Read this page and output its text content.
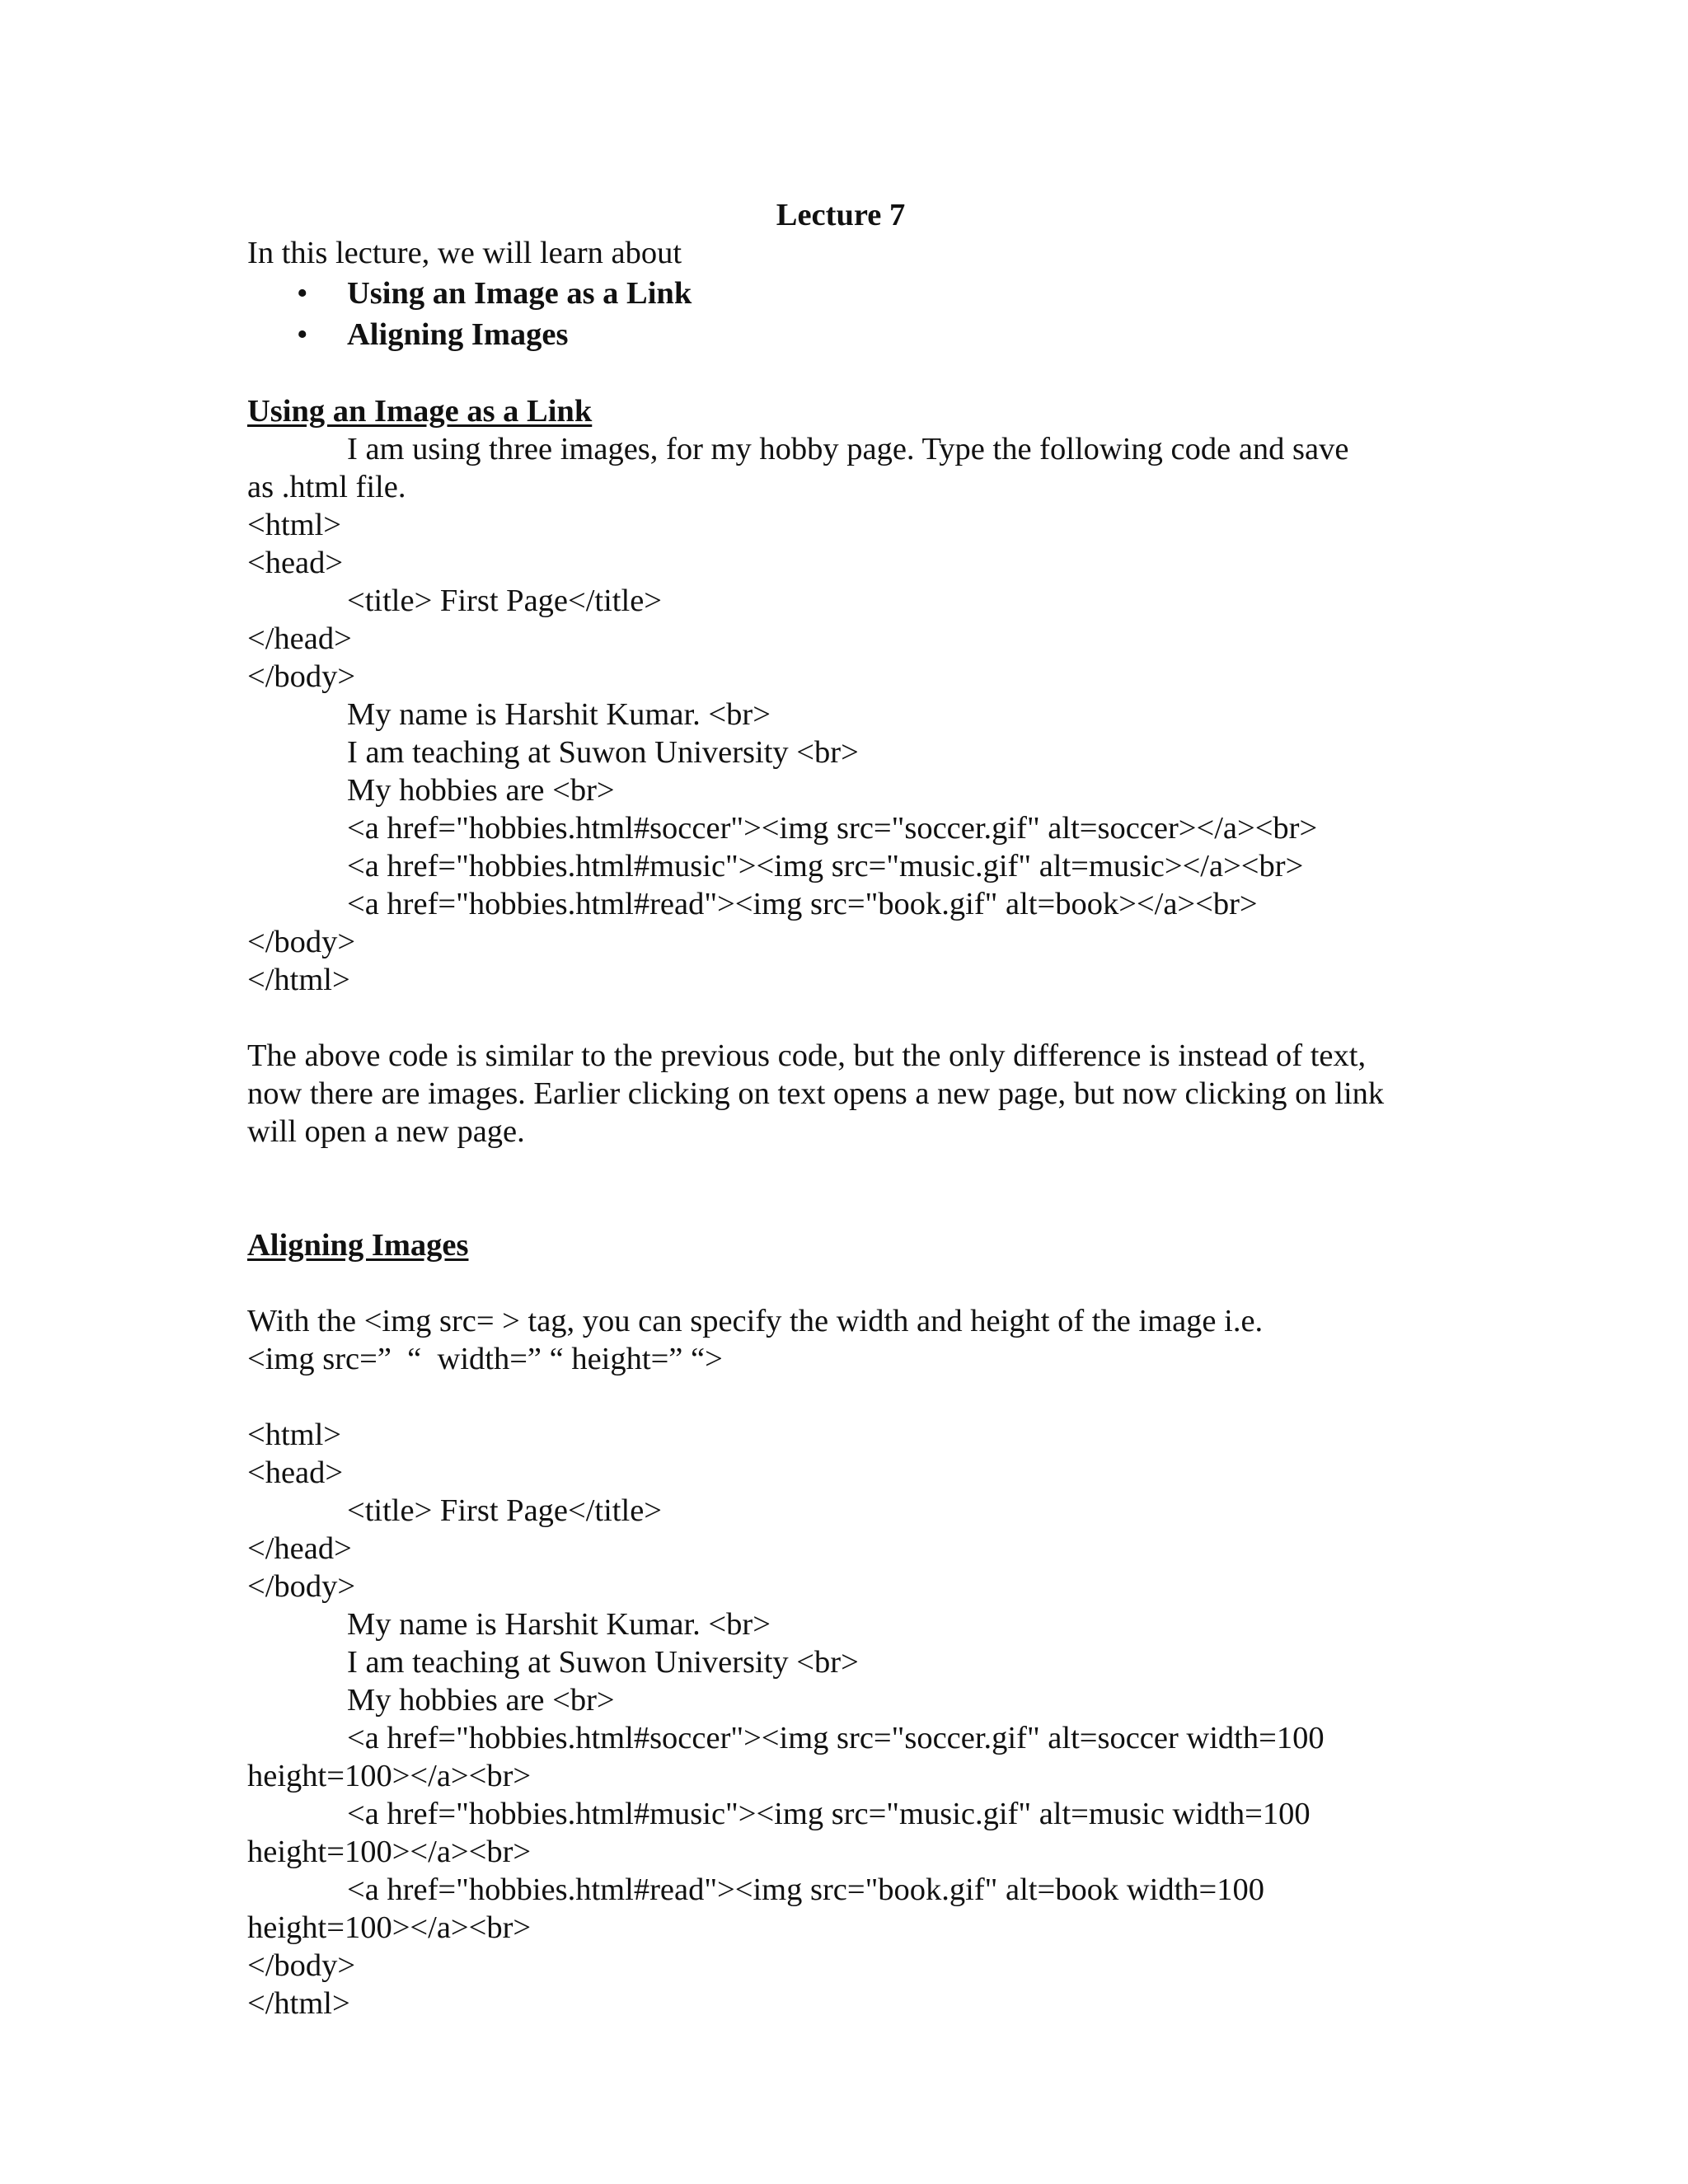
Lecture 7
In this lecture, we will learn about
• Using an Image as a Link
• Aligning Images
Using an Image as a Link
I am using three images, for my hobby page. Type the following code and save
as .html file.
<html>
<head>
<title> First Page</title>
</head>
</body>
My name is Harshit Kumar. <br>
I am teaching at Suwon University <br>
My hobbies are <br>
<a href="hobbies.html#soccer"><img src="soccer.gif" alt=soccer></a><br>
<a href="hobbies.html#music"><img src="music.gif" alt=music></a><br>
<a href="hobbies.html#read"><img src="book.gif" alt=book></a><br>
</body>
</html>
The above code is similar to the previous code, but the only difference is instead of text,
now there are images. Earlier clicking on text opens a new page, but now clicking on link
will open a new page.
Aligning Images
With the <img src= > tag, you can specify the width and height of the image i.e.
<img src=”  “  width=” “ height=” “>
<html>
<head>
<title> First Page</title>
</head>
</body>
My name is Harshit Kumar. <br>
I am teaching at Suwon University <br>
My hobbies are <br>
<a href="hobbies.html#soccer"><img src="soccer.gif" alt=soccer width=100
height=100></a><br>
<a href="hobbies.html#music"><img src="music.gif" alt=music width=100
height=100></a><br>
<a href="hobbies.html#read"><img src="book.gif" alt=book width=100
height=100></a><br>
</body>
</html>
